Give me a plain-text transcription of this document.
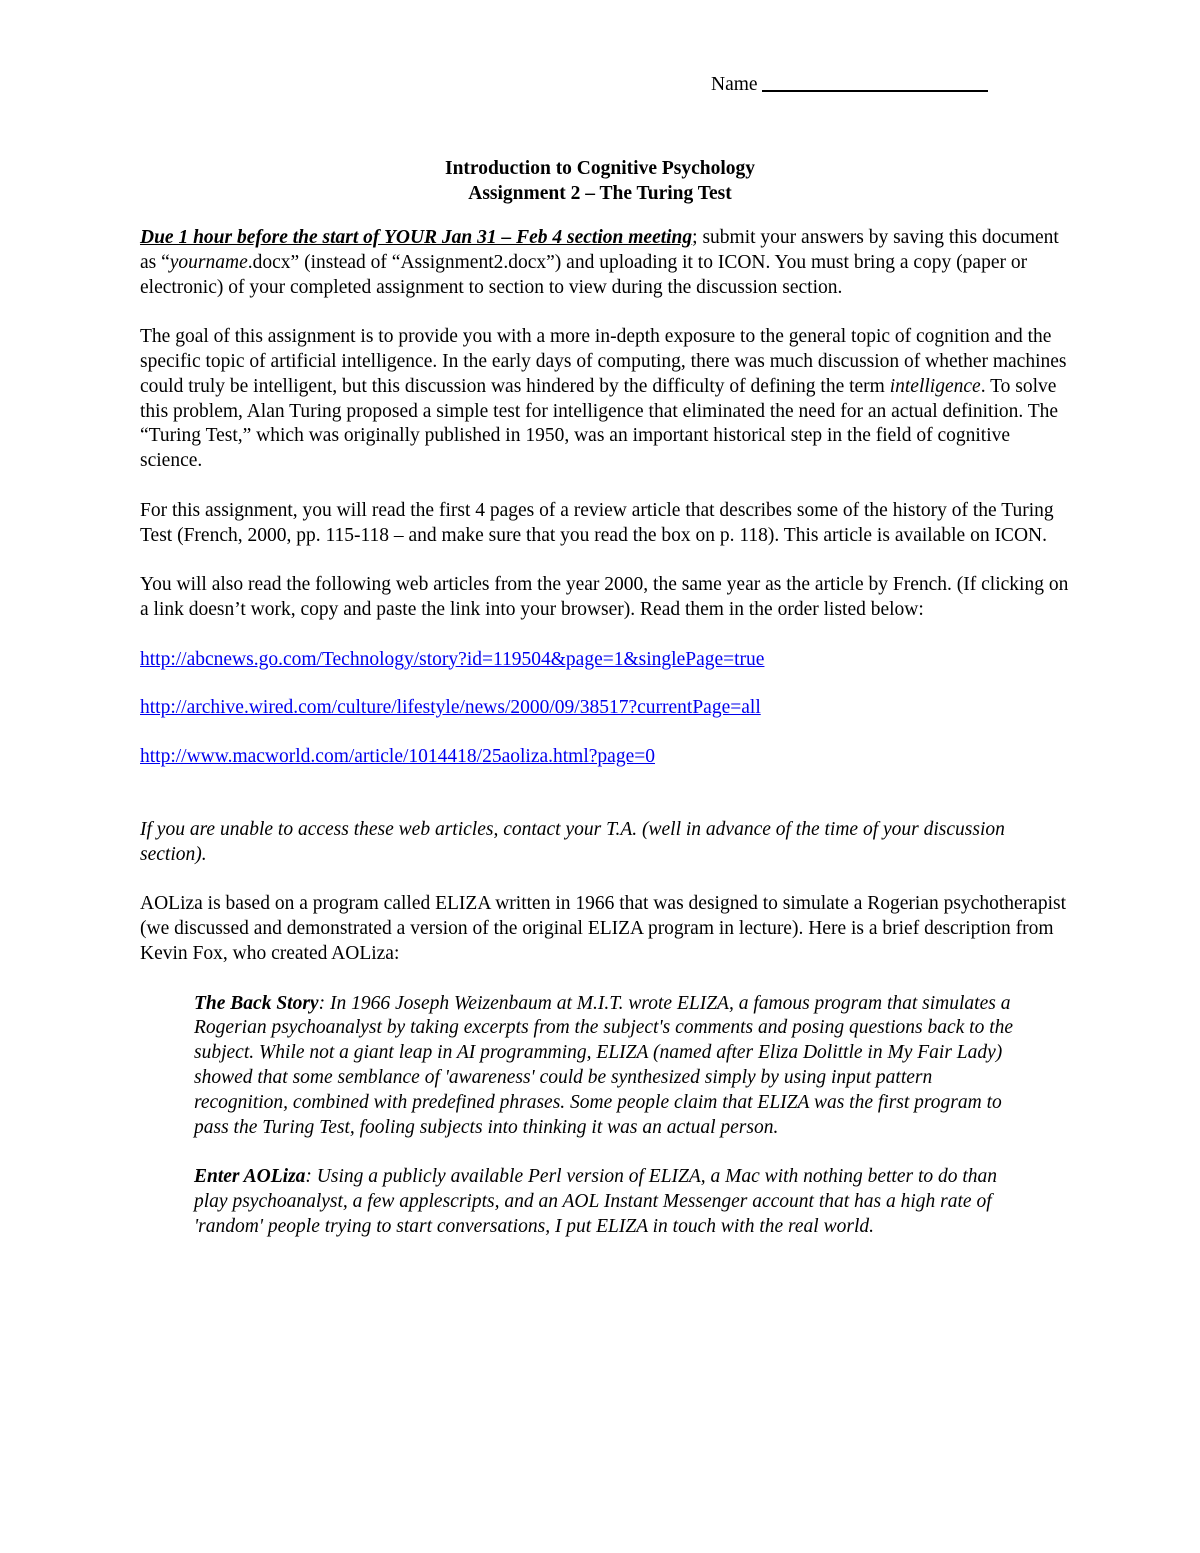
Name
Introduction to Cognitive Psychology
Assignment 2 – The Turing Test

Due 1 hour before the start of YOUR Jan 31 – Feb 4 section meeting; submit your answers by saving this document as “yourname.docx” (instead of “Assignment2.docx”) and uploading it to ICON. You must bring a copy (paper or electronic) of your completed assignment to section to view during the discussion section.

The goal of this assignment is to provide you with a more in-depth exposure to the general topic of cognition and the specific topic of artificial intelligence. In the early days of computing, there was much discussion of whether machines could truly be intelligent, but this discussion was hindered by the difficulty of defining the term intelligence. To solve this problem, Alan Turing proposed a simple test for intelligence that eliminated the need for an actual definition. The “Turing Test,” which was originally published in 1950, was an important historical step in the field of cognitive science.

For this assignment, you will read the first 4 pages of a review article that describes some of the history of the Turing Test (French, 2000, pp. 115-118 – and make sure that you read the box on p. 118). This article is available on ICON.

You will also read the following web articles from the year 2000, the same year as the article by French. (If clicking on a link doesn’t work, copy and paste the link into your browser). Read them in the order listed below:

http://abcnews.go.com/Technology/story?id=119504&page=1&singlePage=true

http://archive.wired.com/culture/lifestyle/news/2000/09/38517?currentPage=all

http://www.macworld.com/article/1014418/25aoliza.html?page=0

If you are unable to access these web articles, contact your T.A. (well in advance of the time of your discussion section).

AOLiza is based on a program called ELIZA written in 1966 that was designed to simulate a Rogerian psychotherapist (we discussed and demonstrated a version of the original ELIZA program in lecture). Here is a brief description from Kevin Fox, who created AOLiza:

The Back Story: In 1966 Joseph Weizenbaum at M.I.T. wrote ELIZA, a famous program that simulates a Rogerian psychoanalyst by taking excerpts from the subject's comments and posing questions back to the subject. While not a giant leap in AI programming, ELIZA (named after Eliza Dolittle in My Fair Lady) showed that some semblance of 'awareness' could be synthesized simply by using input pattern recognition, combined with predefined phrases. Some people claim that ELIZA was the first program to pass the Turing Test, fooling subjects into thinking it was an actual person.

Enter AOLiza: Using a publicly available Perl version of ELIZA, a Mac with nothing better to do than play psychoanalyst, a few applescripts, and an AOL Instant Messenger account that has a high rate of 'random' people trying to start conversations, I put ELIZA in touch with the real world.
